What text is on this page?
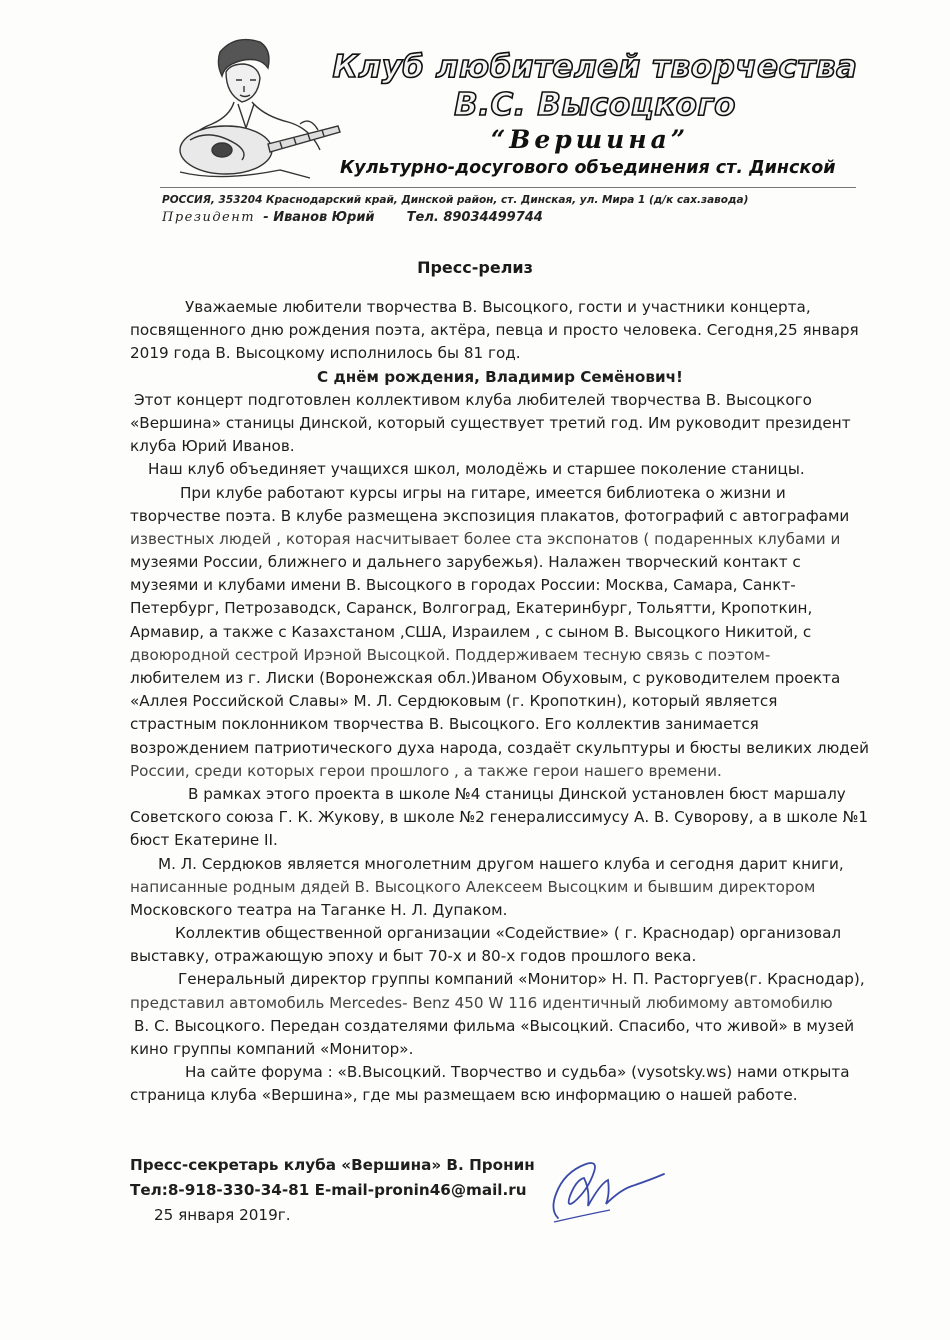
Клуб любителей творчества
В.С. Высоцкого
“Вершина”
Культурно-досугового объединения ст. Динской
РОССИЯ, 353204 Краснодарский край, Динской район, ст. Динская, ул. Мира 1 (д/к сах.завода)
Президент - Иванов Юрий Тел. 89034499744
Пресс-релиз
Уважаемые любители творчества В. Высоцкого, гости и участники концерта,
посвященного дню рождения поэта, актёра, певца и просто человека. Сегодня,25 января
2019 года В. Высоцкому исполнилось бы 81 год.
С днём рождения, Владимир Семёнович!
Этот концерт подготовлен коллективом клуба любителей творчества В. Высоцкого
«Вершина» станицы Динской, который существует третий год. Им руководит президент
клуба Юрий Иванов.
Наш клуб объединяет учащихся школ, молодёжь и старшее поколение станицы.
При клубе работают курсы игры на гитаре, имеется библиотека о жизни и
творчестве поэта. В клубе размещена экспозиция плакатов, фотографий с автографами
известных людей , которая насчитывает более ста экспонатов ( подаренных клубами и
музеями России, ближнего и дальнего зарубежья). Налажен творческий контакт с
музеями и клубами имени В. Высоцкого в городах России: Москва, Самара, Санкт-
Петербург, Петрозаводск, Саранск, Волгоград, Екатеринбург, Тольятти, Кропоткин,
Армавир, а также с Казахстаном ,США, Израилем , с сыном В. Высоцкого Никитой, с
двоюродной сестрой Ирэной Высоцкой. Поддерживаем тесную связь с поэтом-
любителем из г. Лиски (Воронежская обл.)Иваном Обуховым, с руководителем проекта
«Аллея Российской Славы» М. Л. Сердюковым (г. Кропоткин), который является
страстным поклонником творчества В. Высоцкого. Его коллектив занимается
возрождением патриотического духа народа, создаёт скульптуры и бюсты великих людей
России, среди которых герои прошлого , а также герои нашего времени.
В рамках этого проекта в школе №4 станицы Динской установлен бюст маршалу
Советского союза Г. К. Жукову, в школе №2 генералиссимусу А. В. Суворову, а в школе №1
бюст Екатерине II.
М. Л. Сердюков является многолетним другом нашего клуба и сегодня дарит книги,
написанные родным дядей В. Высоцкого Алексеем Высоцким и бывшим директором
Московского театра на Таганке Н. Л. Дупаком.
Коллектив общественной организации «Содействие» ( г. Краснодар) организовал
выставку, отражающую эпоху и быт 70-х и 80-х годов прошлого века.
Генеральный директор группы компаний «Монитор» Н. П. Расторгуев(г. Краснодар),
представил автомобиль Mercedes- Benz 450 W 116 идентичный любимому автомобилю
В. С. Высоцкого. Передан создателями фильма «Высоцкий. Спасибо, что живой» в музей
кино группы компаний «Монитор».
На сайте форума : «В.Высоцкий. Творчество и судьба» (vysotsky.ws) нами открыта
страница клуба «Вершина», где мы размещаем всю информацию о нашей работе.
Пресс-секретарь клуба «Вершина» В. Пронин
Тел:8-918-330-34-81 E-mail-pronin46@mail.ru
25 января 2019г.
